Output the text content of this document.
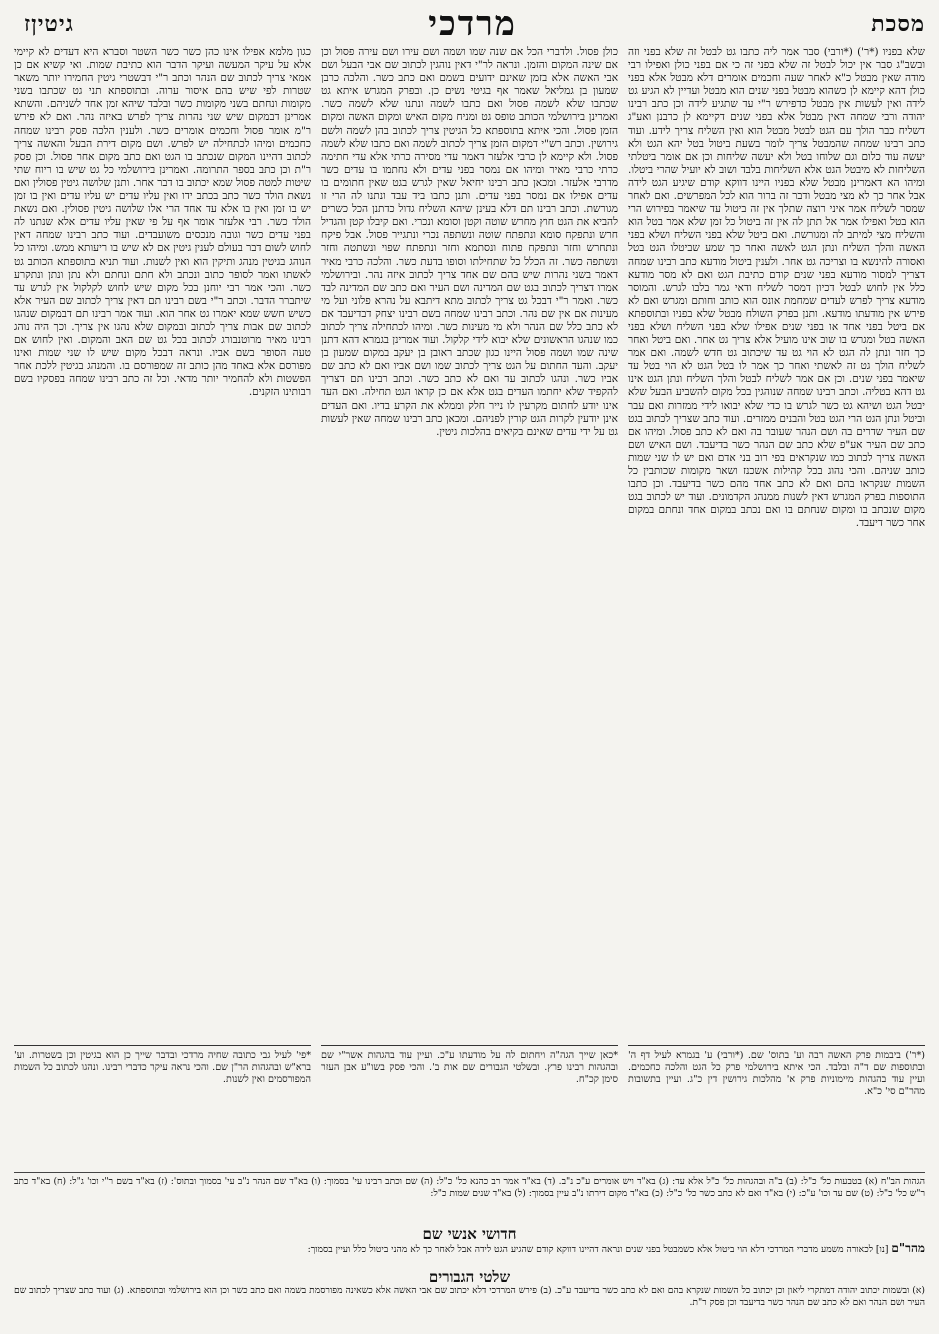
מסכת
מרדכי
גיטיןז

שלא בפניו (*ר') (*ורבי) סבר אמר ליה כתבו גט לבטל זה שלא בפני וזה ובשב"ג סבר אין יכול לבטל זה שלא בפני זה כי אם בפני כולן ואפילו רבי מודה שאין מבטל כ"א לאחר שעה וחכמים אומרים דלא מבטל אלא בפני כולן דהא קיימא לן כשהוא מבטל בפני שנים הוא מבטל ועדיין לא הגיע גט לידה ואין לעשות אין מבטל כדפירש ר"י עד שתגיע לידה וכן כתב רבינו יהודה ורבי שמחה דאין מבטל אלא בפני שנים דקיימא לן כרבנן ואע"ג דשליח כבר הולך עם הגט לבטל מבטל הוא ואין השליח צריך לידע. ועוד כתב רבינו שמחה שהמבטל צריך לומר בשעת ביטול בטל יהא הגט ולא יעשה עוד כלום וגם שלוחו בטל ולא יעשה שליחות וכן אם אומר ביטלתי השליחות לא מיבטל הגט אלא השליחות בלבד ושוב לא יועיל שהרי ביטלו. ומיהו הא דאמרינן מבטל שלא בפניו היינו דווקא קודם שיגיע הגט לידה אבל אחר כך לא מצי מבטל ודבר זה ברור הוא לכל המפרשים. ואם לאחר שמסר לשליח אמר איני רוצה שתלך אין זה ביטול עד שיאמר בפירוש הרי הוא בטל ואפילו אמר אל תתן לה אין זה ביטול כל זמן שלא אמר בטל הוא והשליח מצי למיתב לה ומגורשת. ואם ביטל שלא בפני השליח ושלא בפני האשה והלך השליח ונתן הגט לאשה ואחר כך שמע שביטלו הגט בטל ואסורה להינשא בו וצריכה גט אחר. ולענין ביטול מודעא כתב רבינו שמחה דצריך למסור מודעא בפני שנים קודם כתיבת הגט ואם לא מסר מודעא כלל אין לחוש לבטל דכיון דמסר לשליח ודאי גמר בלבו לגרש. והמוסר מודעא צריך לפרש לעדים שמחמת אונס הוא כותב וחותם ומגרש ואם לא פירש אין מודעתו מודעא. ותנן בפרק השולח מבטל שלא בפניו ובתוספתא אם ביטל בפני אחד או בפני שנים אפילו שלא בפני השליח ושלא בפני האשה בטל ומגרש בו שוב אינו מועיל אלא צריך גט אחר. ואם ביטל ואחר כך חזר ונתן לה הגט לא הוי גט עד שיכתוב גט חדש לשמה. ואם אמר לשליח הולך גט זה לאשתי ואחר כך אמר לו בטל הגט לא הוי בטל עד שיאמר בפני שנים. וכן אם אמר לשליח לבטל והלך השליח ונתן הגט אינו גט דהא בטליה. וכתב רבינו שמחה שנוהגין בכל מקום להשביע הבעל שלא יבטל הגט ושיהא גט כשר לגרש בו כדי שלא יבואו לידי ממזרות ואם עבר וביטל ונתן הגט הרי הגט בטל והבנים ממזרים. ועוד כתב שצריך לכתוב בגט שם העיר שדרים בה ושם הנהר שעובר בה ואם לא כתב פסול. ומיהו אם כתב שם העיר אע"פ שלא כתב שם הנהר כשר בדיעבד. ושם האיש ושם האשה צריך לכתוב כמו שנקראים בפי רוב בני אדם ואם יש לו שני שמות כותב שניהם. והכי נהוג בכל קהילות אשכנז ושאר מקומות שכותבין כל השמות שנקראו בהם ואם לא כתב אחד מהם כשר בדיעבד. וכן כתבו התוספות בפרק המגרש דאין לשנות ממנהג הקדמונים. ועוד יש לכתוב בגט מקום שנכתב בו ומקום שנחתם בו ואם נכתב במקום אחד ונחתם במקום אחר כשר דיעבד.

(*ר') ביבמות פרק האשה רבה וע' בתוס' שם. (*ורבי) ע' בגמרא לעיל דף ה' ובתוספות שם ד"ה ובלבד. הכי איתא בירושלמי פרק כל הגט והלכה כחכמים. ועיין עוד בהגהות מיימוניות פרק א' מהלכות גירושין דין כ"ג. ועיין בתשובות מהר"ם סי' כ"א.

כולן פסול. ולדברי הכל אם שנה שמו ושמה ושם עירו ושם עירה פסול וכן אם שינה המקום והזמן. ונראה לר"י דאין נוהגין לכתוב שם אבי הבעל ושם אבי האשה אלא בזמן שאינם ידועים בשמם ואם כתב כשר. והלכה כרבן שמעון בן גמליאל שאמר אף בגיטי נשים כן. ובפרק המגרש איתא גט שכתבו שלא לשמה פסול ואם כתבו לשמה ונתנו שלא לשמה כשר. ואמרינן בירושלמי הכותב טופס גט ומניח מקום האיש ומקום האשה ומקום הזמן פסול. והכי איתא בתוספתא כל הגיטין צריך לכתוב בהן לשמה ולשם גירושין. וכתב רש"י דמקום הזמן צריך לכתוב לשמה ואם כתבו שלא לשמה פסול. ולא קיימא לן כרבי אלעזר דאמר עדי מסירה כרתי אלא עדי חתימה כרתי כרבי מאיר ומיהו אם נמסר בפני עדים ולא נחתמו בו עדים כשר מדרבי אלעזר. ומכאן כתב רבינו יחיאל שאין לגרש בגט שאין חתומים בו עדים אפילו אם נמסר בפני עדים. ותנן כתבו ביד עבד ונתנו לה הרי זו מגורשת. וכתב רבינו תם דלא בעינן שיהא השליח גדול כדתנן הכל כשרים להביא את הגט חוץ מחרש שוטה וקטן וסומא ונכרי. ואם קיבלו קטן והגדיל חרש ונתפקח סומא ונתפתח שוטה ונשתפה נכרי ונתגייר פסול. אבל פיקח ונתחרש וחזר ונתפקח פתוח ונסתמא וחזר ונתפתח שפוי ונשתטה וחזר ונשתפה כשר. זה הכלל כל שתחילתו וסופו בדעת כשר. והלכה כרבי מאיר דאמר בשני נהרות שיש בהם שם אחד צריך לכתוב איזה נהר. ובירושלמי אמרו דצריך לכתוב בגט שם המדינה ושם העיר ואם כתב שם המדינה לבד כשר. ואמר ר"י דבכל גט צריך לכתוב מתא דיתבא על נהרא פלוני ועל מי מעינות אם אין שם נהר. וכתב רבינו שמחה בשם רבינו יצחק דבדיעבד אם לא כתב כלל שם הנהר ולא מי מעינות כשר. ומיהו לכתחילה צריך לכתוב כמו שנהגו הראשונים שלא יבוא לידי קלקול. ועוד אמרינן בגמרא דהא דתנן שינה שמו ושמה פסול היינו כגון שכתב ראובן בן יעקב במקום שמעון בן יעקב. והעד החתום על הגט צריך לכתוב שמו ושם אביו ואם לא כתב שם אביו כשר. ונהגו לכתוב עד ואם לא כתב כשר. וכתב רבינו תם דצריך להקפיד שלא יחתמו העדים בגט אלא אם כן קראו הגט תחילה. ואם העד אינו יודע לחתום מקרעין לו נייר חלק וממלא את הקרע בדיו. ואם העדים אינן יודעין לקרות הגט קורין לפניהם. ומכאן כתב רבינו שמחה שאין לעשות גט על ידי עדים שאינם בקיאים בהלכות גיטין.

*כאן שייך הגה"ה ויחתום לה על מודעתו ע"כ. ועיין עוד בהגהות אשר"י שם ובהגהות רבינו פרץ. ובשלטי הגבורים שם אות ב'. והכי פסק בשו"ע אבן העזר סימן קכ"ח.

כגון מלמא אפילו אינו כהן כשר כשר השטר וסברא היא דעדים לא קיימי אלא על עיקר המעשה ועיקר הדבר הוא כתיבת שמות. ואי קשיא אם כן אמאי צריך לכתוב שם הנהר וכתב ר"י דבשטרי גיטין החמירו יותר משאר שטרות לפי שיש בהם איסור ערוה. ובתוספתא תני גט שכתבו בשני מקומות ונחתם בשני מקומות כשר ובלבד שיהא זמן אחד לשניהם. והשתא אמרינן דבמקום שיש שני נהרות צריך לפרש באיזה נהר. ואם לא פירש ר"מ אומר פסול וחכמים אומרים כשר. ולענין הלכה פסק רבינו שמחה כחכמים ומיהו לכתחילה יש לפרש. ושם מקום דירת הבעל והאשה צריך לכתוב דהיינו המקום שנכתב בו הגט ואם כתב מקום אחר פסול. וכן פסק ר"ת וכן כתב בספר התרומה. ואמרינן בירושלמי כל גט שיש בו ריוח שתי שיטות למטה פסול שמא יכתוב בו דבר אחר. ותנן שלושה גיטין פסולין ואם נשאת הולד כשר כתב בכתב ידו ואין עליו עדים יש עליו עדים ואין בו זמן יש בו זמן ואין בו אלא עד אחד הרי אלו שלושה גיטין פסולין. ואם נשאת הולד כשר. רבי אלעזר אומר אף על פי שאין עליו עדים אלא שנתנו לה בפני עדים כשר וגובה מנכסים משועבדים. ועוד כתב רבינו שמחה דאין לחוש לשום דבר בעולם לענין גיטין אם לא שיש בו ריעותא ממש. ומיהו כל הנוהג בגיטין מנהג ותיקין הוא ואין לשנות. ועוד תניא בתוספתא הכותב גט לאשתו ואמר לסופר כתוב ונכתב ולא חתם ונחתם ולא נתן ונתן ונתקרע כשר. והכי אמר רבי יוחנן בכל מקום שיש לחוש לקלקול אין לגרש עד שיתברר הדבר. וכתב ר"י בשם רבינו תם דאין צריך לכתוב שם העיר אלא כשיש חשש שמא יאמרו גט אחר הוא. ועוד אמר רבינו תם דבמקום שנהגו לכתוב שם אבות צריך לכתוב ובמקום שלא נהגו אין צריך. וכך היה נוהג רבינו מאיר מרוטנבורג לכתוב בכל גט שם האב והמקום. ואין לחוש אם טעה הסופר בשם אביו. ונראה דבכל מקום שיש לו שני שמות ואינו מפורסם אלא באחד מהן כותב זה שמפורסם בו. והמנהג בגיטין ללכת אחר הפשטות ולא להחמיר יותר מדאי. וכל זה כתב רבינו שמחה בפסקיו בשם רבותינו הזקנים.

*פי' לעיל גבי כתובה שחיה מרדכי ובדבר שייך כן הוא בגיטין וכן בשטרות. וע' ברא"ש ובהגהות הר"ן שם. והכי נראה עיקר כדברי רבינו. ונהגו לכתוב כל השמות המפורסמים ואין לשנות.
הגהות הב"ח (א) בטבעות כל' כ"ל: (ב) ב"ה ובהגהות כל' כ"ל אלא עד: (ג) בא"ד ויש אומרים ע"כ נ"ב. (ד) בא"ד אמר רב כהנא כל' כ"ל: (ה) שם וכתב רבינו עי' בסמוך: (ו) בא"ד שם הנהר נ"ב עי' בסמוך ובתוס': (ז) בא"ד בשם ר"י וכו' ג"ל: (ח) בא"ד כתב ר"ש כל' כ"ל: (ט) שם עד וכו' ע"כ: (י) בא"ד ואם לא כתב כשר כל' כ"ל: (כ) בא"ד מקום דירתו נ"ב עיין בסמוך: (ל) בא"ד שנים שמות כ"ל:
חדושי אנשי שם
מהר"ם [נו] לכאורה משמע מדברי המרדכי דלא הוי ביטול אלא כשמבטל בפני שנים ונראה דהיינו דווקא קודם שהגיע הגט לידה אבל לאחר כך לא מהני ביטול כלל ועיין בסמוך:
שלטי הגבורים
(א) ובשמות יכתוב יהודה דמתקרי ליאון וכן יכתוב כל השמות שנקרא בהם ואם לא כתב כשר בדיעבד ע"כ. (ב) פירש המרדכי דלא יכתוב שם אבי האשה אלא כשאינה מפורסמת בשמה ואם כתב כשר וכן הוא בירושלמי ובתוספתא. (ג) ועוד כתב שצריך לכתוב שם העיר ושם הנהר ואם לא כתב שם הנהר כשר בדיעבד וכן פסק ר"ת.
